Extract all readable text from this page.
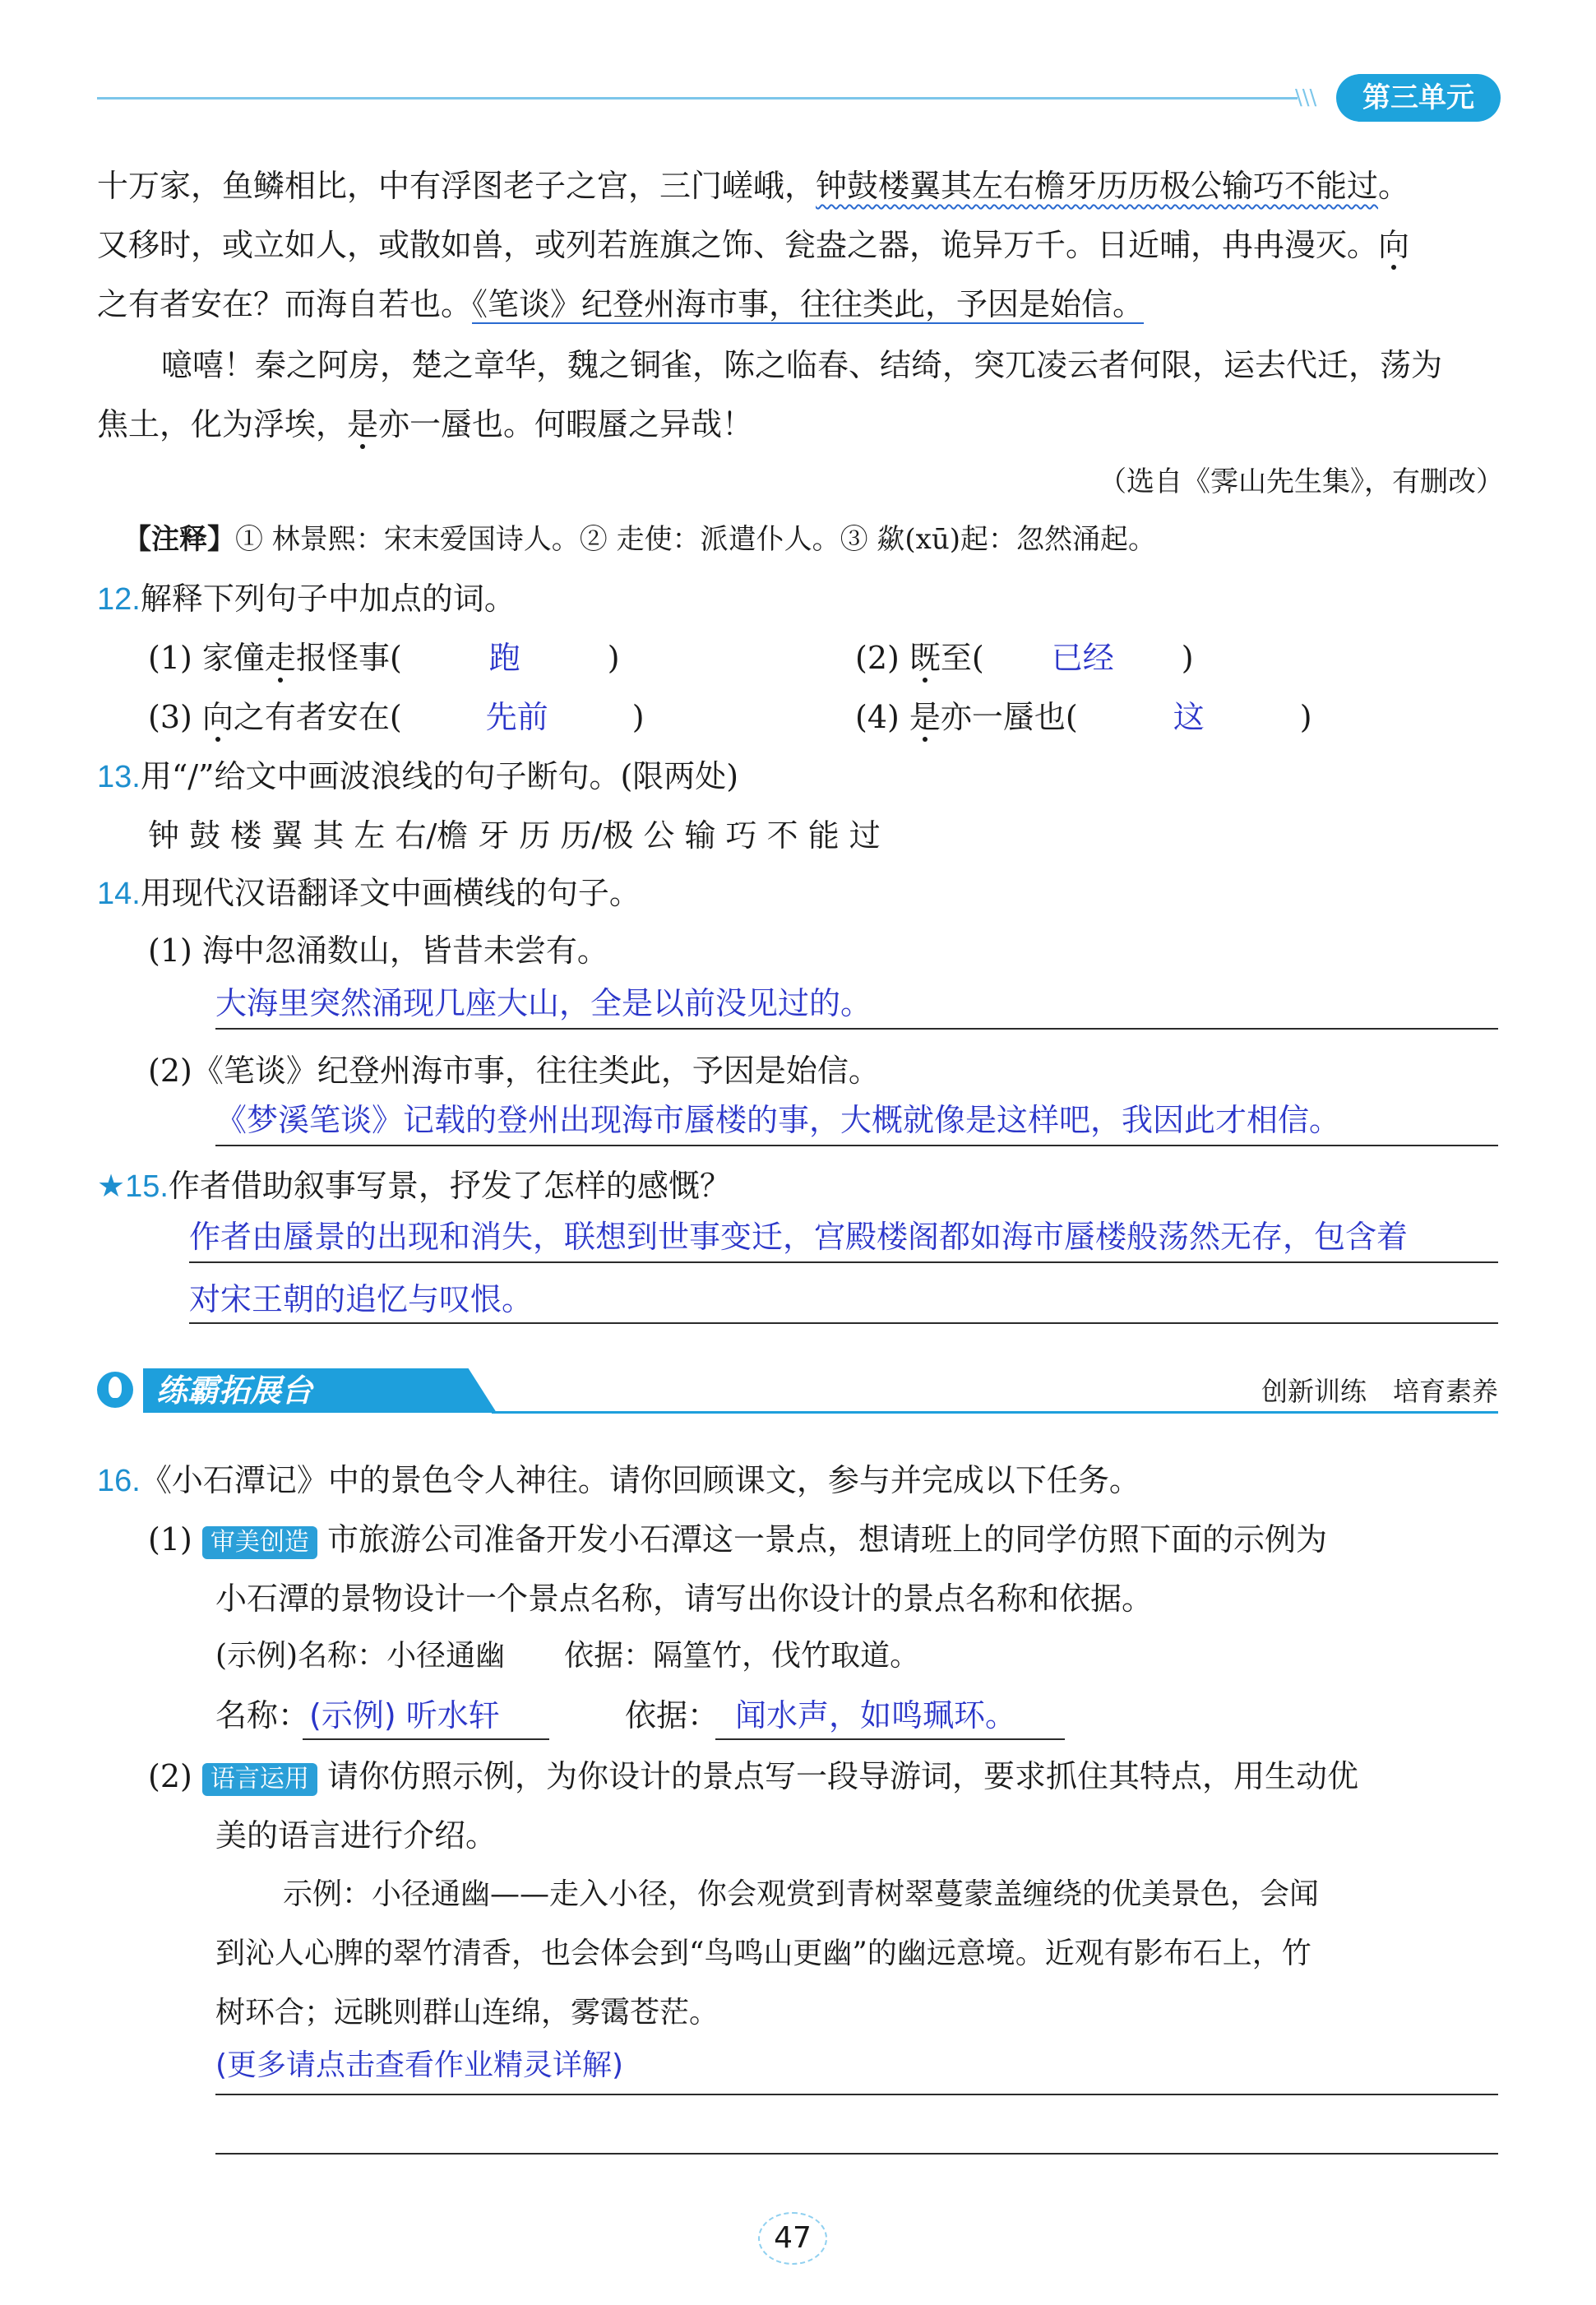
\\\	第三单元
十万家，鱼鳞相比，中有浮图老子之宫，三门嵯峨，钟鼓楼翼其左右檐牙历历极公输巧不能过。
又移时，或立如人，或散如兽，或列若旌旗之饰、瓮盎之器，诡异万千。日近晡，冉冉漫灭。向
之有者安在？而海自若也。《笔谈》纪登州海市事，往往类此，予因是始信。
噫嘻！秦之阿房，楚之章华，魏之铜雀，陈之临春、结绮，突兀凌云者何限，运去代迁，荡为
焦土，化为浮埃，是亦一蜃也。何暇蜃之异哉！
（选自《霁山先生集》，有删改）
【注释】① 林景熙：宋末爱国诗人。② 走使：派遣仆人。③ 歘(xū)起：忽然涌起。
12.解释下列句子中加点的词。
(1) 家僮走报怪事(	跑	)	(2) 既至( 已经 )
(3) 向之有者安在(	先前	)	(4) 是亦一蜃也(	这	)
13.用“/”给文中画波浪线的句子断句。(限两处)
钟 鼓 楼 翼 其 左 右/檐 牙 历 历/极 公 输 巧 不 能 过
14.用现代汉语翻译文中画横线的句子。
(1) 海中忽涌数山，皆昔未尝有。
大海里突然涌现几座大山，全是以前没见过的。
(2)《笔谈》纪登州海市事，往往类此，予因是始信。
《梦溪笔谈》记载的登州出现海市蜃楼的事，大概就像是这样吧，我因此才相信。
★15.作者借助叙事写景，抒发了怎样的感慨？
作者由蜃景的出现和消失，联想到世事变迁，宫殿楼阁都如海市蜃楼般荡然无存，包含着
对宋王朝的追忆与叹恨。
练霸拓展台	创新训练　培育素养
16.《小石潭记》中的景色令人神往。请你回顾课文，参与并完成以下任务。
(1) 审美创造 市旅游公司准备开发小石潭这一景点，想请班上的同学仿照下面的示例为
小石潭的景物设计一个景点名称，请写出你设计的景点名称和依据。
(示例)名称：小径通幽　　依据：隔篁竹，伐竹取道。
名称：(示例) 听水轩	依据： 闻水声，如鸣珮环。
(2) 语言运用 请你仿照示例，为你设计的景点写一段导游词，要求抓住其特点，用生动优
美的语言进行介绍。
示例：小径通幽——走入小径，你会观赏到青树翠蔓蒙盖缠绕的优美景色，会闻
到沁人心脾的翠竹清香，也会体会到“鸟鸣山更幽”的幽远意境。近观有影布石上，竹
树环合；远眺则群山连绵，雾霭苍茫。
(更多请点击查看作业精灵详解)
47
